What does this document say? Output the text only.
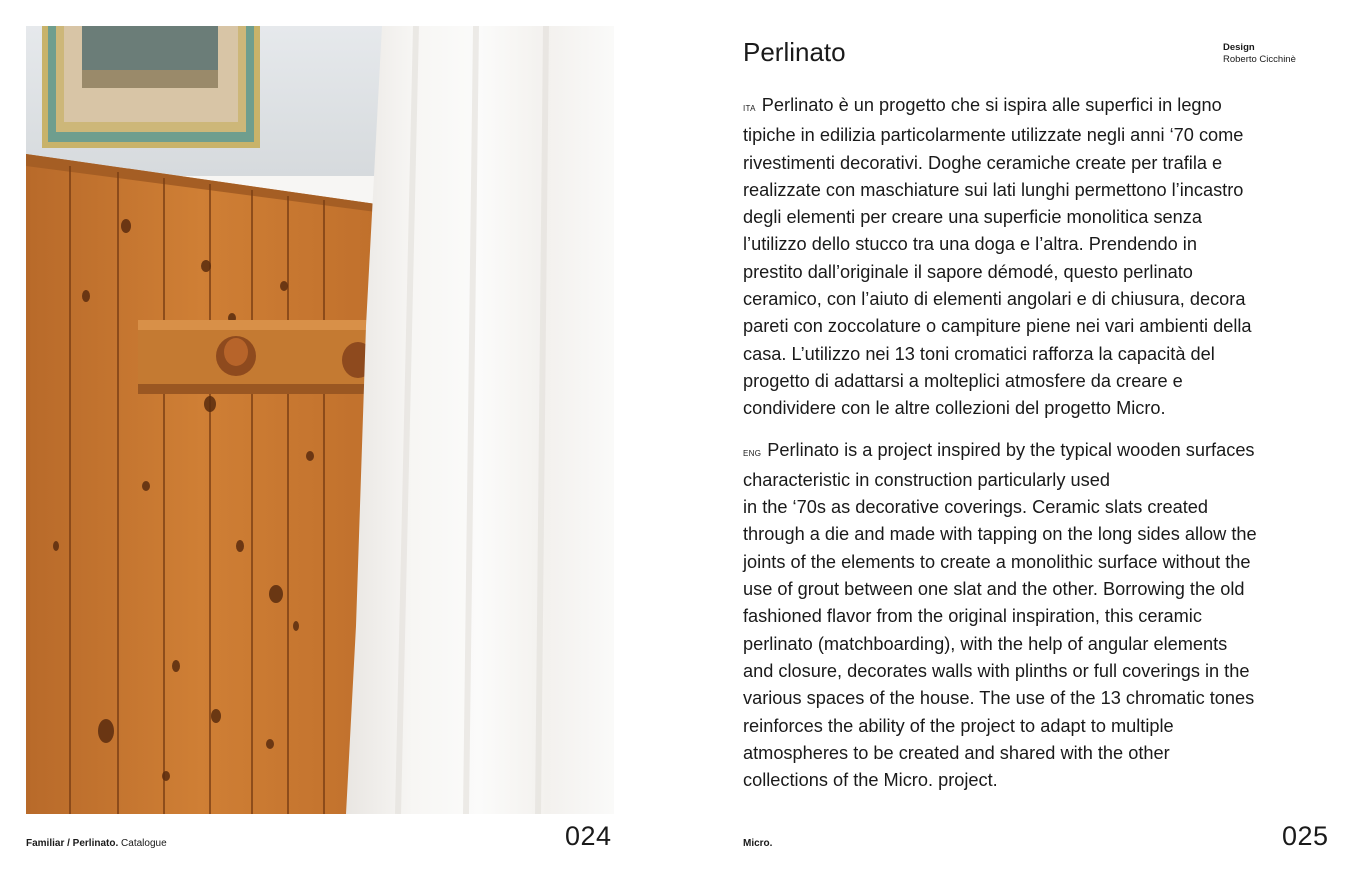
Familiar / Perlinato. Catalogue	024
Perlinato	Design
Roberto Cicchinè

ITA Perlinato è un progetto che si ispira alle superfici in legno
tipiche in edilizia particolarmente utilizzate negli anni ‘70 come
rivestimenti decorativi. Doghe ceramiche create per trafila e
realizzate con maschiature sui lati lunghi permettono l’incastro
degli elementi per creare una superficie monolitica senza
l’utilizzo dello stucco tra una doga e l’altra. Prendendo in
prestito dall’originale il sapore démodé, questo perlinato
ceramico, con l’aiuto di elementi angolari e di chiusura, decora
pareti con zoccolature o campiture piene nei vari ambienti della
casa. L’utilizzo nei 13 toni cromatici rafforza la capacità del
progetto di adattarsi a molteplici atmosfere da creare e
condividere con le altre collezioni del progetto Micro.

ENG Perlinato is a project inspired by the typical wooden surfaces
characteristic in construction particularly used
in the ‘70s as decorative coverings. Ceramic slats created
through a die and made with tapping on the long sides allow the
joints of the elements to create a monolithic surface without the
use of grout between one slat and the other. Borrowing the old
fashioned flavor from the original inspiration, this ceramic
perlinato (matchboarding), with the help of angular elements
and closure, decorates walls with plinths or full coverings in the
various spaces of the house. The use of the 13 chromatic tones
reinforces the ability of the project to adapt to multiple
atmospheres to be created and shared with the other
collections of the Micro. project.

Micro.	025
